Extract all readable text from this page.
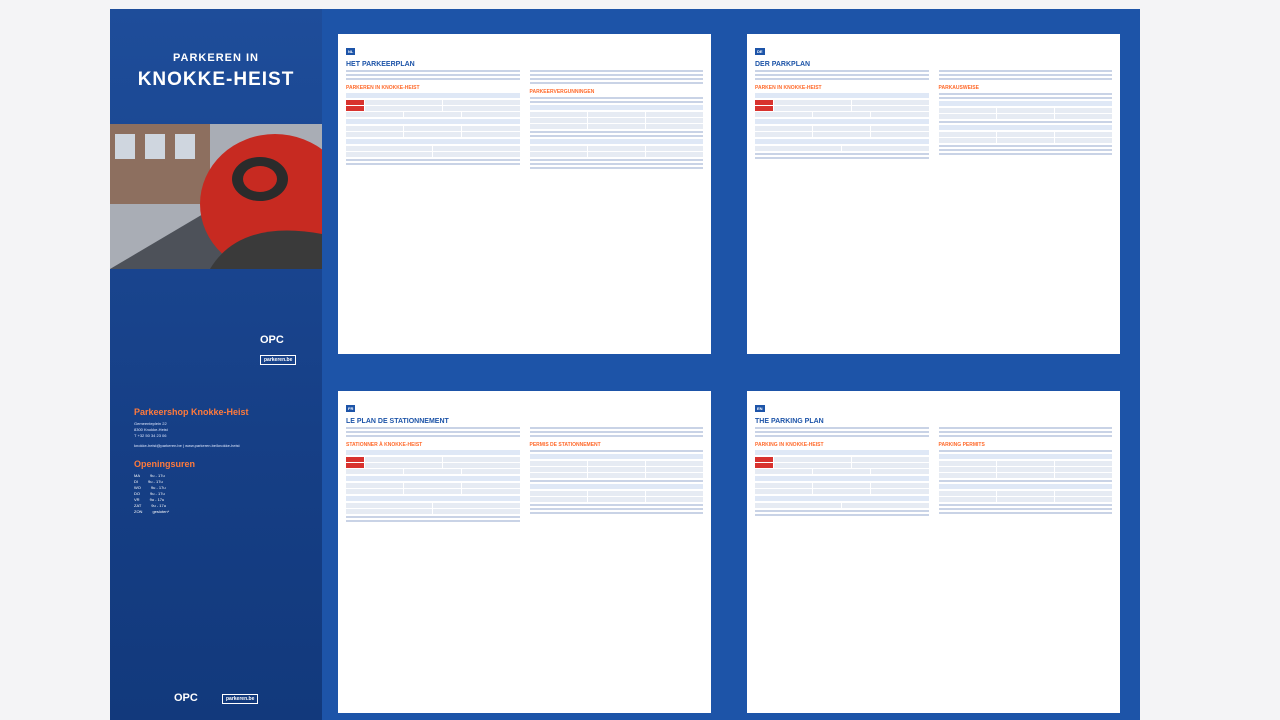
PARKEREN IN
KNOKKE-HEIST
OPC
parkeren.be
Parkeershop Knokke-Heist

Gemeenteplein 22

8300 Knokke-Heist

T +32 50 34 23 06

knokke-heist@parkeren.be | www.parkeren.be/knokke-heist

Openingsuren
MA	9u - 17u
DI	9u - 17u
WO	9u - 17u
DO	9u - 17u
VR	9u - 17u
ZAT	9u - 17u
ZON	gesloten*
OPC	parkeren.be
NL
HET PARKEERPLAN
PARKEREN IN KNOKKE-HEIST
PARKEERVERGUNNINGEN
DE
DER PARKPLAN
PARKEN IN KNOKKE-HEIST	PARKAUSWEISE
FR
LE PLAN DE STATIONNEMENT
STATIONNER À KNOKKE-HEIST	PERMIS DE STATIONNEMENT
EN
THE PARKING PLAN
PARKING IN KNOKKE-HEIST	PARKING PERMITS
